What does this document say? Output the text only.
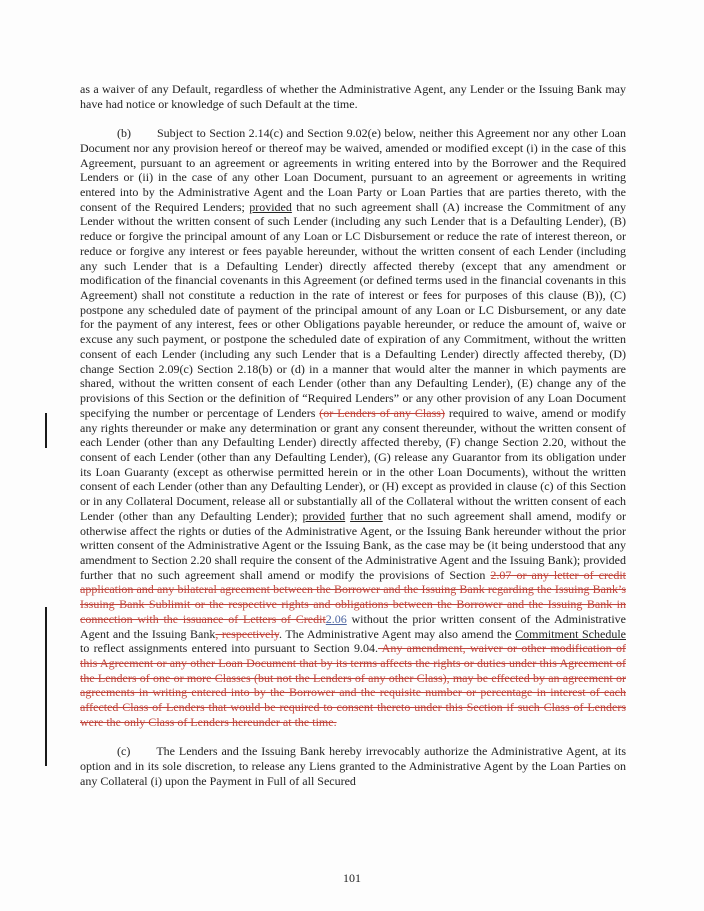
as a waiver of any Default, regardless of whether the Administrative Agent, any Lender or the Issuing Bank may have had notice or knowledge of such Default at the time.

(b) Subject to Section 2.14(c) and Section 9.02(e) below, neither this Agreement nor any other Loan Document nor any provision hereof or thereof may be waived, amended or modified except (i) in the case of this Agreement, pursuant to an agreement or agreements in writing entered into by the Borrower and the Required Lenders or (ii) in the case of any other Loan Document, pursuant to an agreement or agreements in writing entered into by the Administrative Agent and the Loan Party or Loan Parties that are parties thereto, with the consent of the Required Lenders; provided that no such agreement shall (A) increase the Commitment of any Lender without the written consent of such Lender (including any such Lender that is a Defaulting Lender), (B) reduce or forgive the principal amount of any Loan or LC Disbursement or reduce the rate of interest thereon, or reduce or forgive any interest or fees payable hereunder, without the written consent of each Lender (including any such Lender that is a Defaulting Lender) directly affected thereby (except that any amendment or modification of the financial covenants in this Agreement (or defined terms used in the financial covenants in this Agreement) shall not constitute a reduction in the rate of interest or fees for purposes of this clause (B)), (C) postpone any scheduled date of payment of the principal amount of any Loan or LC Disbursement, or any date for the payment of any interest, fees or other Obligations payable hereunder, or reduce the amount of, waive or excuse any such payment, or postpone the scheduled date of expiration of any Commitment, without the written consent of each Lender (including any such Lender that is a Defaulting Lender) directly affected thereby, (D) change Section 2.09(c) Section 2.18(b) or (d) in a manner that would alter the manner in which payments are shared, without the written consent of each Lender (other than any Defaulting Lender), (E) change any of the provisions of this Section or the definition of “Required Lenders” or any other provision of any Loan Document specifying the number or percentage of Lenders (or Lenders of any Class) required to waive, amend or modify any rights thereunder or make any determination or grant any consent thereunder, without the written consent of each Lender (other than any Defaulting Lender) directly affected thereby, (F) change Section 2.20, without the consent of each Lender (other than any Defaulting Lender), (G) release any Guarantor from its obligation under its Loan Guaranty (except as otherwise permitted herein or in the other Loan Documents), without the written consent of each Lender (other than any Defaulting Lender), or (H) except as provided in clause (c) of this Section or in any Collateral Document, release all or substantially all of the Collateral without the written consent of each Lender (other than any Defaulting Lender); provided further that no such agreement shall amend, modify or otherwise affect the rights or duties of the Administrative Agent, or the Issuing Bank hereunder without the prior written consent of the Administrative Agent or the Issuing Bank, as the case may be (it being understood that any amendment to Section 2.20 shall require the consent of the Administrative Agent and the Issuing Bank); provided further that no such agreement shall amend or modify the provisions of Section 2.07 or any letter of credit application and any bilateral agreement between the Borrower and the Issuing Bank regarding the Issuing Bank’s Issuing Bank Sublimit or the respective rights and obligations between the Borrower and the Issuing Bank in connection with the issuance of Letters of Credit2.06 without the prior written consent of the Administrative Agent and the Issuing Bank, respectively. The Administrative Agent may also amend the Commitment Schedule to reflect assignments entered into pursuant to Section 9.04. Any amendment, waiver or other modification of this Agreement or any other Loan Document that by its terms affects the rights or duties under this Agreement of the Lenders of one or more Classes (but not the Lenders of any other Class), may be effected by an agreement or agreements in writing entered into by the Borrower and the requisite number or percentage in interest of each affected Class of Lenders that would be required to consent thereto under this Section if such Class of Lenders were the only Class of Lenders hereunder at the time.

(c) The Lenders and the Issuing Bank hereby irrevocably authorize the Administrative Agent, at its option and in its sole discretion, to release any Liens granted to the Administrative Agent by the Loan Parties on any Collateral (i) upon the Payment in Full of all Secured

101
